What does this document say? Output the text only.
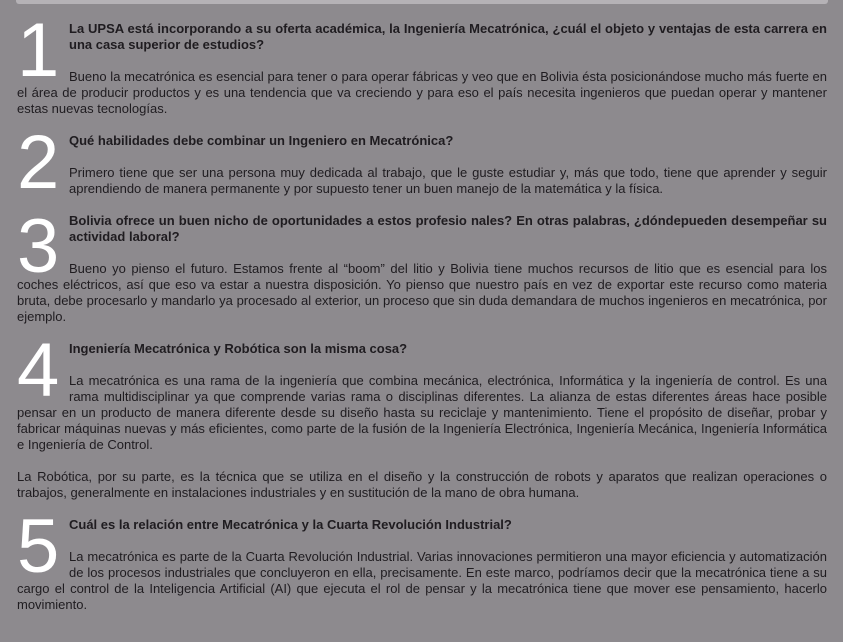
1 La UPSA está incorporando a su oferta académica, la Ingeniería Mecatrónica, ¿cuál el objeto y ventajas de esta carrera en una casa superior de estudios?

Bueno la mecatrónica es esencial para tener o para operar fábricas y veo que en Bolivia ésta posicionándose mucho más fuerte en el área de producir productos y es una tendencia que va creciendo y para eso el país necesita ingenieros que puedan operar y mantener estas nuevas tecnologías.

2 Qué habilidades debe combinar un Ingeniero en Mecatrónica?

Primero tiene que ser una persona muy dedicada al trabajo, que le guste estudiar y, más que todo, tiene que aprender y seguir aprendiendo de manera permanente y por supuesto tener un buen manejo de la matemática y la física.

3 Bolivia ofrece un buen nicho de oportunidades a estos profesio nales? En otras palabras, ¿dóndepueden desempeñar su actividad laboral?

Bueno yo pienso el futuro. Estamos frente al “boom” del litio y Bolivia tiene muchos recursos de litio que es esencial para los coches eléctricos, así que eso va estar a nuestra disposición. Yo pienso que nuestro país en vez de exportar este recurso como materia bruta, debe procesarlo y mandarlo ya procesado al exterior, un proceso que sin duda demandara de muchos ingenieros en mecatrónica, por ejemplo.

4 Ingeniería Mecatrónica y Robótica son la misma cosa?

La mecatrónica es una rama de la ingeniería que combina mecánica, electrónica, Informática y la ingeniería de control. Es una rama multidisciplinar ya que comprende varias rama o disciplinas diferentes. La alianza de estas diferentes áreas hace posible pensar en un producto de manera diferente desde su diseño hasta su reciclaje y mantenimiento. Tiene el propósito de diseñar, probar y fabricar máquinas nuevas y más eficientes, como parte de la fusión de la Ingeniería Electrónica, Ingeniería Mecánica, Ingeniería Informática e Ingeniería de Control.

La Robótica, por su parte, es la técnica que se utiliza en el diseño y la construcción de robots y aparatos que realizan operaciones o trabajos, generalmente en instalaciones industriales y en sustitución de la mano de obra humana.

5 Cuál es la relación entre Mecatrónica y la Cuarta Revolución Industrial?

La mecatrónica es parte de la Cuarta Revolución Industrial. Varias innovaciones permitieron una mayor eficiencia y automatización de los procesos industriales que concluyeron en ella, precisamente. En este marco, podríamos decir que la mecatrónica tiene a su cargo el control de la Inteligencia Artificial (AI) que ejecuta el rol de pensar y la mecatrónica tiene que mover ese pensamiento, hacerlo movimiento.
